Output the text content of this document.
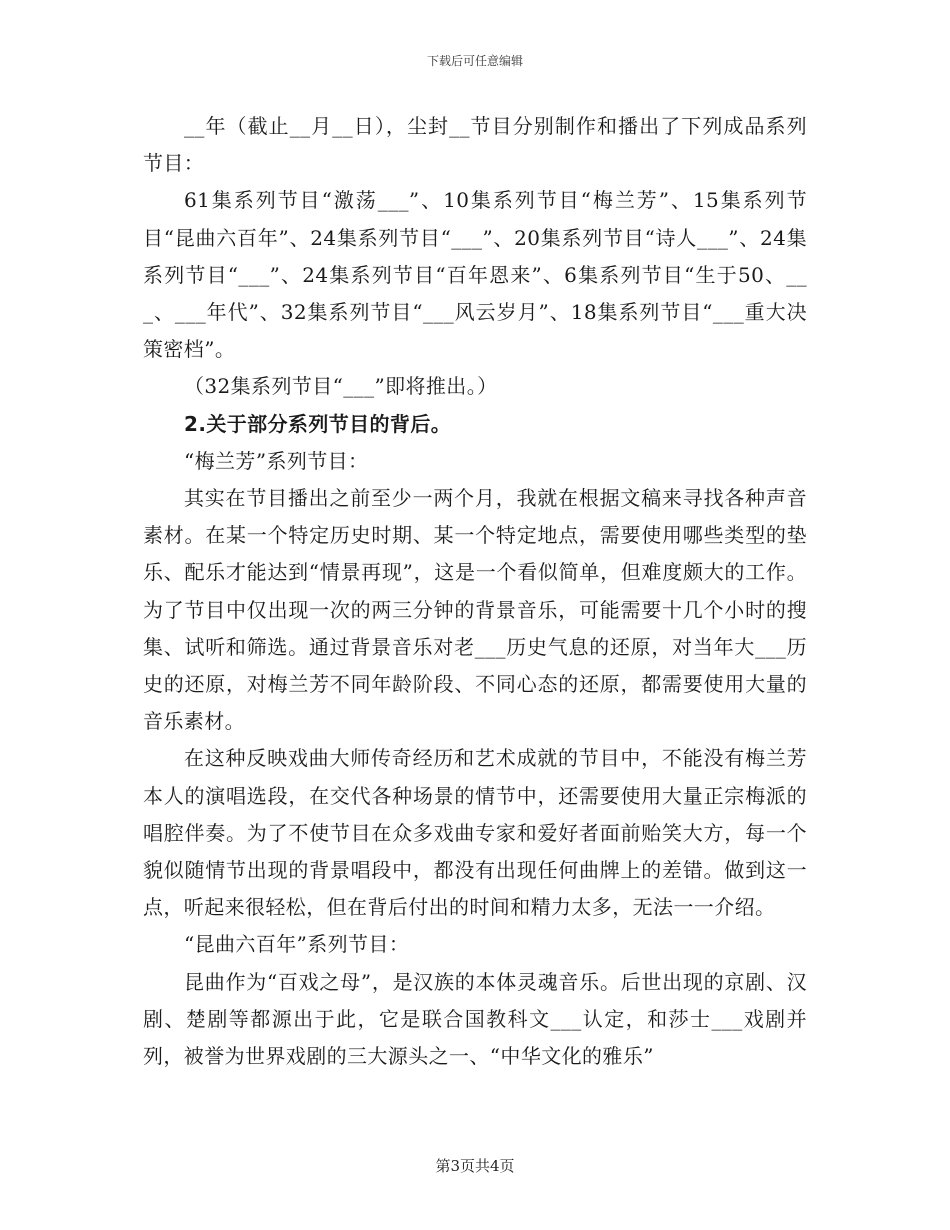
下载后可任意编辑

__年（截止__月__日），尘封__节目分别制作和播出了下列成品系列节目：

61集系列节目“激荡___”、10集系列节目“梅兰芳”、15集系列节目“昆曲六百年”、24集系列节目“___”、20集系列节目“诗人___”、24集系列节目“___”、24集系列节目“百年恩来”、6集系列节目“生于50、___、___年代”、32集系列节目“___风云岁月”、18集系列节目“___重大决策密档”。

（32集系列节目“___”即将推出。）

2.关于部分系列节目的背后。

“梅兰芳”系列节目：

其实在节目播出之前至少一两个月，我就在根据文稿来寻找各种声音素材。在某一个特定历史时期、某一个特定地点，需要使用哪些类型的垫乐、配乐才能达到“情景再现”，这是一个看似简单，但难度颇大的工作。为了节目中仅出现一次的两三分钟的背景音乐，可能需要十几个小时的搜集、试听和筛选。通过背景音乐对老___历史气息的还原，对当年大___历史的还原，对梅兰芳不同年龄阶段、不同心态的还原，都需要使用大量的音乐素材。

在这种反映戏曲大师传奇经历和艺术成就的节目中，不能没有梅兰芳本人的演唱选段，在交代各种场景的情节中，还需要使用大量正宗梅派的唱腔伴奏。为了不使节目在众多戏曲专家和爱好者面前贻笑大方，每一个貌似随情节出现的背景唱段中，都没有出现任何曲牌上的差错。做到这一点，听起来很轻松，但在背后付出的时间和精力太多，无法一一介绍。

“昆曲六百年”系列节目：

昆曲作为“百戏之母”，是汉族的本体灵魂音乐。后世出现的京剧、汉剧、楚剧等都源出于此，它是联合国教科文___认定，和莎士___戏剧并列，被誉为世界戏剧的三大源头之一、“中华文化的雅乐”

第3页共4页
